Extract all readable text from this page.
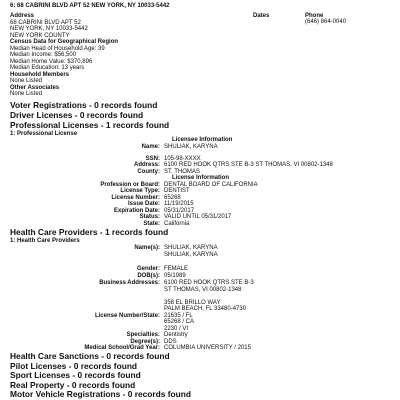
6: 68 CABRINI BLVD APT 52 NEW YORK, NY 10033-5442
Dates	Phone
(646) 864-0040
Address
68 CABRINI BLVD APT 52
NEW YORK, NY 10033-5442
NEW YORK COUNTY
Census Data for Geographical Region
Median Head of Household Age: 39
Median Income: $56,500
Median Home Value: $370,896
Median Education: 13 years
Household Members
None Listed
Other Associates
None Listed
Voter Registrations - 0 records found
Driver Licenses - 0 records found
Professional Licenses - 1 records found
1: Professional License
Licensee Information
Name: SHULIAK, KARYNA
SSN: 105-98-XXXX
Address: 6100 RED HOOK QTRS STE B-3 ST THOMAS, VI 00802-1348
County: ST. THOMAS
License Information
Profession or Board: DENTAL BOARD OF CALIFORNIA
License Type: DENTIST
License Number: 65268
Issue Date: 11/19/2015
Expiration Date: 05/31/2017
Status: VALID UNTIL 05/31/2017
State: California
Health Care Providers - 1 records found
1: Health Care Providers
Name(s): SHULIAK, KARYNA
SHULIAK, KARYNA
Gender: FEMALE
DOB(s): 05/1989
Business Addresses: 6100 RED HOOK QTRS STE B-3
ST THOMAS, VI 00802-1348
358 EL BRILLO WAY
PALM BEACH, FL 33480-4730
License Number/State: 21635 / FL
65268 / CA
2230 / VI
Specialties: Dentistry
Degree(s): DDS
Medical School/Grad Year: COLUMBIA UNIVERSITY / 2015
Health Care Sanctions - 0 records found
Pilot Licenses - 0 records found
Sport Licenses - 0 records found
Real Property - 0 records found
Motor Vehicle Registrations - 0 records found
